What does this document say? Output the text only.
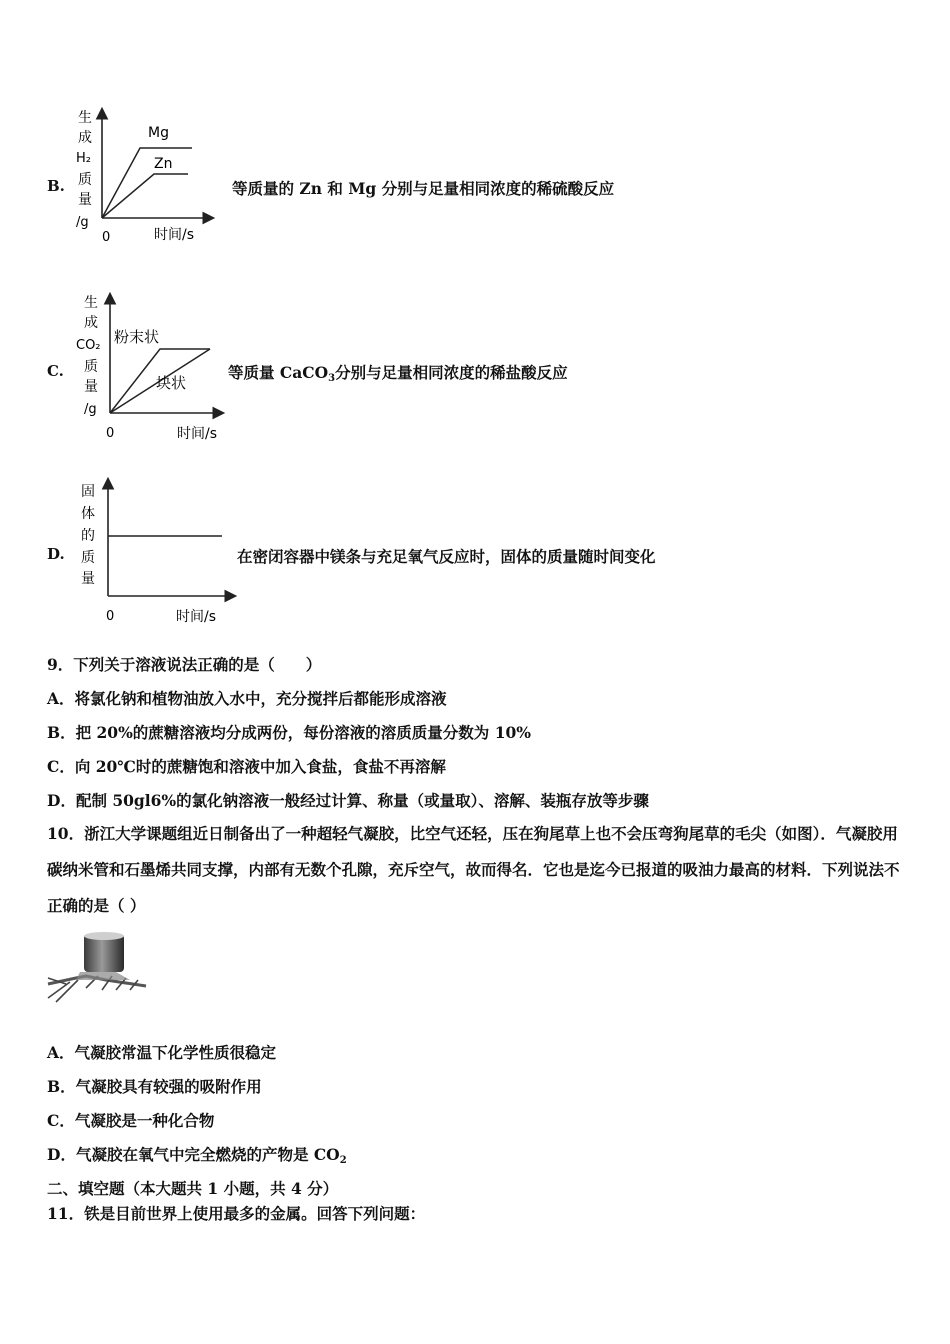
B.
Mg
Zn
生
成
H₂
质
量
/g
0	时间/s
等质量的 Zn 和 Mg 分别与足量相同浓度的稀硫酸反应
C.
粉末状
块状
生
成
CO₂
质
量
/g
0	时间/s
等质量 CaCO3分别与足量相同浓度的稀盐酸反应
D.
固
体
的
质
量
0	时间/s
在密闭容器中镁条与充足氧气反应时，固体的质量随时间变化
9．下列关于溶液说法正确的是（　　）
A．将氯化钠和植物油放入水中，充分搅拌后都能形成溶液
B．把 20%的蔗糖溶液均分成两份，每份溶液的溶质质量分数为 10%
C．向 20℃时的蔗糖饱和溶液中加入食盐，食盐不再溶解
D．配制 50gl6%的氯化钠溶液一般经过计算、称量（或量取）、溶解、装瓶存放等步骤
10．浙江大学课题组近日制备出了一种超轻气凝胶，比空气还轻，压在狗尾草上也不会压弯狗尾草的毛尖（如图）．气凝胶用碳纳米管和石墨烯共同支撑，内部有无数个孔隙，充斥空气，故而得名．它也是迄今已报道的吸油力最高的材料．下列说法不正确的是（ ）
A．气凝胶常温下化学性质很稳定
B．气凝胶具有较强的吸附作用
C．气凝胶是一种化合物
D．气凝胶在氧气中完全燃烧的产物是 CO2
二、填空题（本大题共 1 小题，共 4 分）
11．铁是目前世界上使用最多的金属。回答下列问题：
